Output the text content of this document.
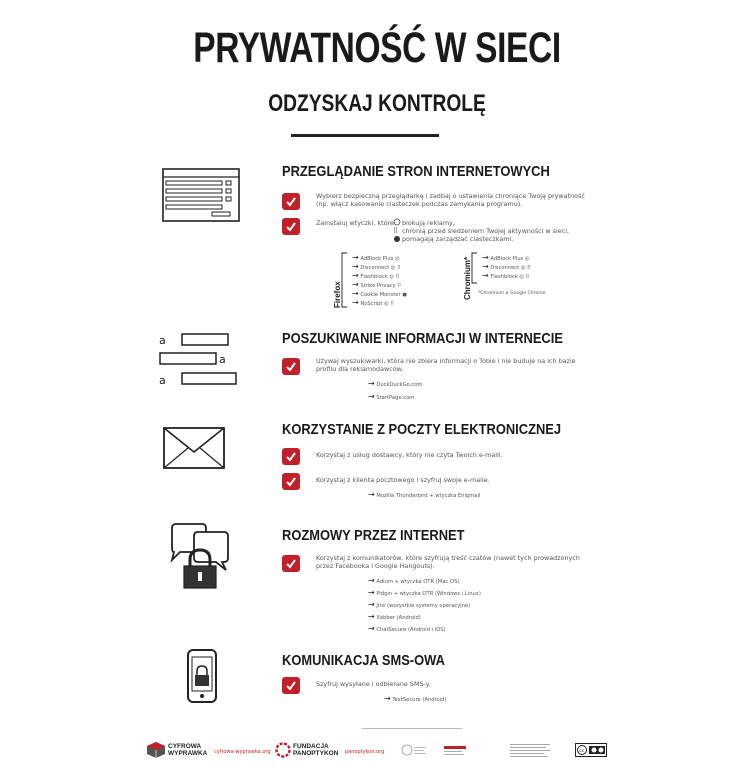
PRYWATNOŚĆ W SIECI
ODZYSKAJ KONTROLĘ
PRZEGLĄDANIE STRON INTERNETOWYCH
Wybierz bezpieczną przeglądarkę i zadbaj o ustawienia chroniące Twoją prywatność
(np. włącz kasowanie ciasteczek podczas zamykania programu).
Zainstaluj wtyczki, które: blokują reklamy,
chronią przed śledzeniem Twojej aktywności w sieci,
pomagają zarządzać ciasteczkami.
⠿
Firefox
→ AdBlock Plus ◎
→ Disconnect ◎ ⠿
→ Flashblock ◎ ⠿
→ Strike Privacy ⠿
→ Cookie Monster ●
→ NoScript ◎ ⠿
Chromium* → AdBlock Plus ◎
→ Disconnect ◎ ⠿
→ Flashblock ◎ ⠿
*Chromium a Google Chrome
a
a
a
POSZUKIWANIE INFORMACJI W INTERNECIE
Używaj wyszukiwarki, która nie zbiera informacji o Tobie i nie buduje na ich bazie
profilu dla reklamodawców.
→ DuckDuckGo.com
→ StartPage.com
KORZYSTANIE Z POCZTY ELEKTRONICZNEJ
Korzystaj z usług dostawcy, który nie czyta Twoich e-maili.
Korzystaj z klienta pocztowego i szyfruj swoje e-maile.
→ Mozilla Thunderbird + wtyczka Enigmail
ROZMOWY PRZEZ INTERNET
Korzystaj z komunikatorów, które szyfrują treść czatów (nawet tych prowadzonych
przez Facebooka i Google Hangouts).
→ Adium + wtyczka OTR (Mac OS)
→ Pidgin + wtyczka OTR (Windows i Linux)
→ Jitsi (wszystkie systemy operacyjne)
→ Xabber (Android)
→ ChatSecure (Android i iOS)
KOMUNIKACJA SMS-OWA
Szyfruj wysyłane i odbierane SMS-y.
→ TextSecure (Android)
CYFROWA WYPRAWKA cyfrowa-wyprawka.org
FUNDACJA PANOPTYKON panoptykon.org	cc
